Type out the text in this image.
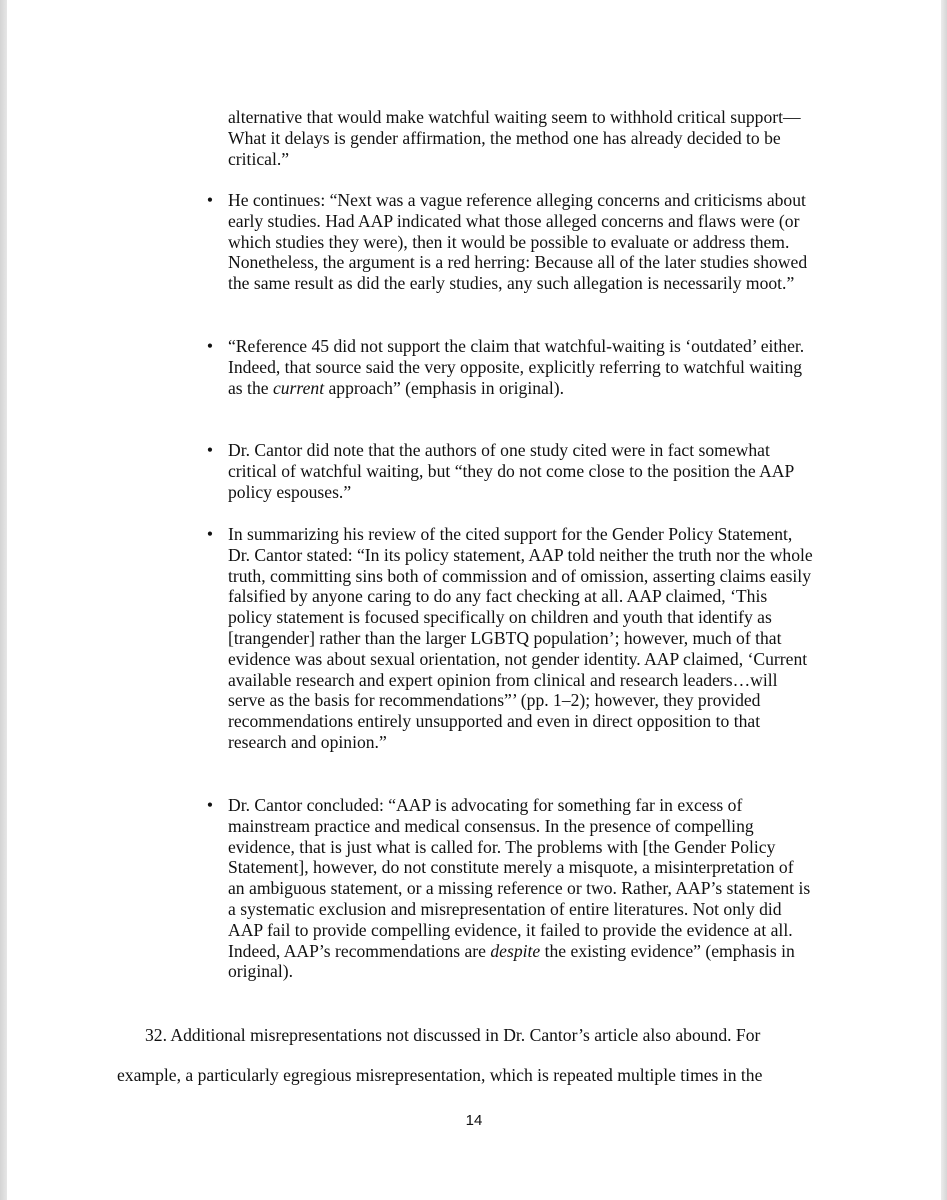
alternative that would make watchful waiting seem to withhold critical support—What it delays is gender affirmation, the method one has already decided to be critical.”
• He continues: “Next was a vague reference alleging concerns and criticisms about early studies. Had AAP indicated what those alleged concerns and flaws were (or which studies they were), then it would be possible to evaluate or address them. Nonetheless, the argument is a red herring: Because all of the later studies showed the same result as did the early studies, any such allegation is necessarily moot.”
• “Reference 45 did not support the claim that watchful-waiting is ‘outdated’ either. Indeed, that source said the very opposite, explicitly referring to watchful waiting as the current approach” (emphasis in original).
• Dr. Cantor did note that the authors of one study cited were in fact somewhat critical of watchful waiting, but “they do not come close to the position the AAP policy espouses.”
• In summarizing his review of the cited support for the Gender Policy Statement, Dr. Cantor stated: “In its policy statement, AAP told neither the truth nor the whole truth, committing sins both of commission and of omission, asserting claims easily falsified by anyone caring to do any fact checking at all. AAP claimed, ‘This policy statement is focused specifically on children and youth that identify as [trangender] rather than the larger LGBTQ population’; however, much of that evidence was about sexual orientation, not gender identity. AAP claimed, ‘Current available research and expert opinion from clinical and research leaders…will serve as the basis for recommendations”’ (pp. 1–2); however, they provided recommendations entirely unsupported and even in direct opposition to that research and opinion.”
• Dr. Cantor concluded: “AAP is advocating for something far in excess of mainstream practice and medical consensus. In the presence of compelling evidence, that is just what is called for. The problems with [the Gender Policy Statement], however, do not constitute merely a misquote, a misinterpretation of an ambiguous statement, or a missing reference or two. Rather, AAP’s statement is a systematic exclusion and misrepresentation of entire literatures. Not only did AAP fail to provide compelling evidence, it failed to provide the evidence at all. Indeed, AAP’s recommendations are despite the existing evidence” (emphasis in original).
32. Additional misrepresentations not discussed in Dr. Cantor’s article also abound. For
example, a particularly egregious misrepresentation, which is repeated multiple times in the
14
